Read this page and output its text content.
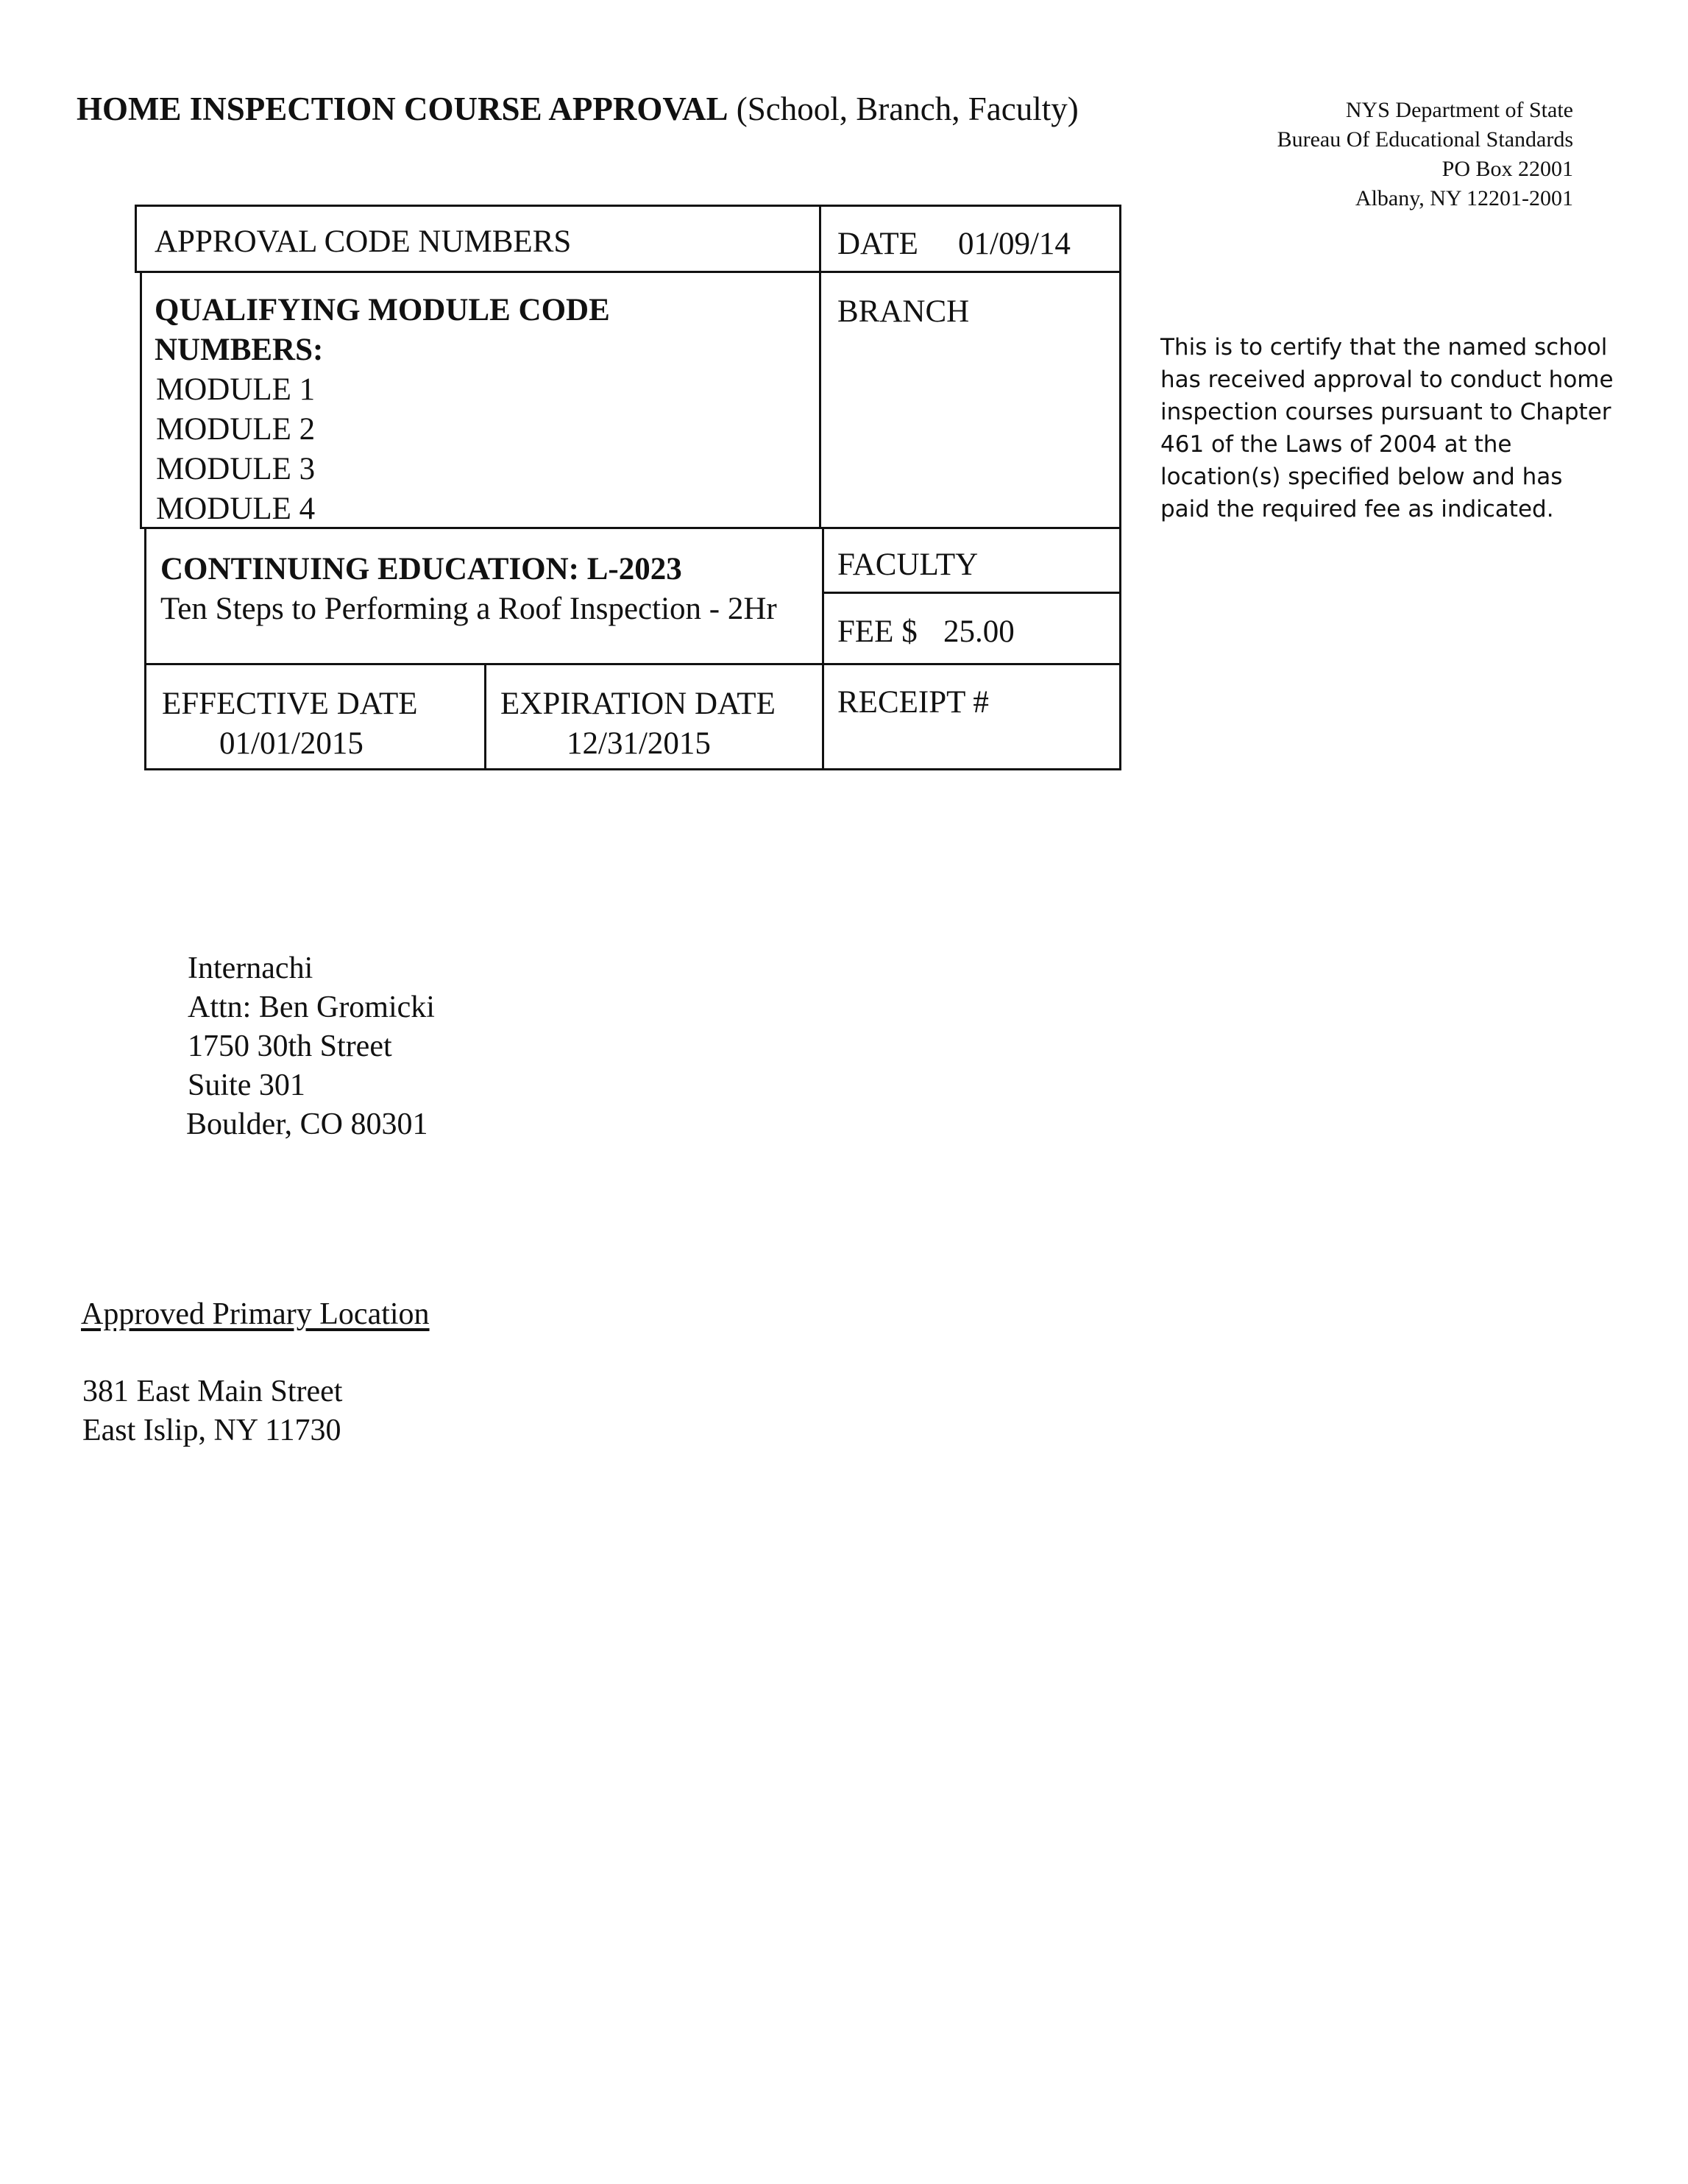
HOME INSPECTION COURSE APPROVAL (School, Branch, Faculty)	NYS Department of State
Bureau Of Educational Standards
PO Box 22001
Albany, NY 12201-2001
This is to certify that the named school has received approval to conduct home inspection courses pursuant to Chapter 461 of the Laws of 2004 at the location(s) specified below and has paid the required fee as indicated.
APPROVAL CODE NUMBERS	DATE 01/09/14
QUALIFYING MODULE CODE
NUMBERS:
MODULE 1
MODULE 2
MODULE 3
MODULE 4
BRANCH
CONTINUING EDUCATION: L-2023
Ten Steps to Performing a Roof Inspection - 2Hr
FACULTY
FEE $ 25.00
EFFECTIVE DATE
01/01/2015
EXPIRATION DATE
12/31/2015
RECEIPT #
Internachi
Attn: Ben Gromicki
1750 30th Street
Suite 301
Boulder, CO 80301
Approved Primary Location
381 East Main Street
East Islip, NY 11730
